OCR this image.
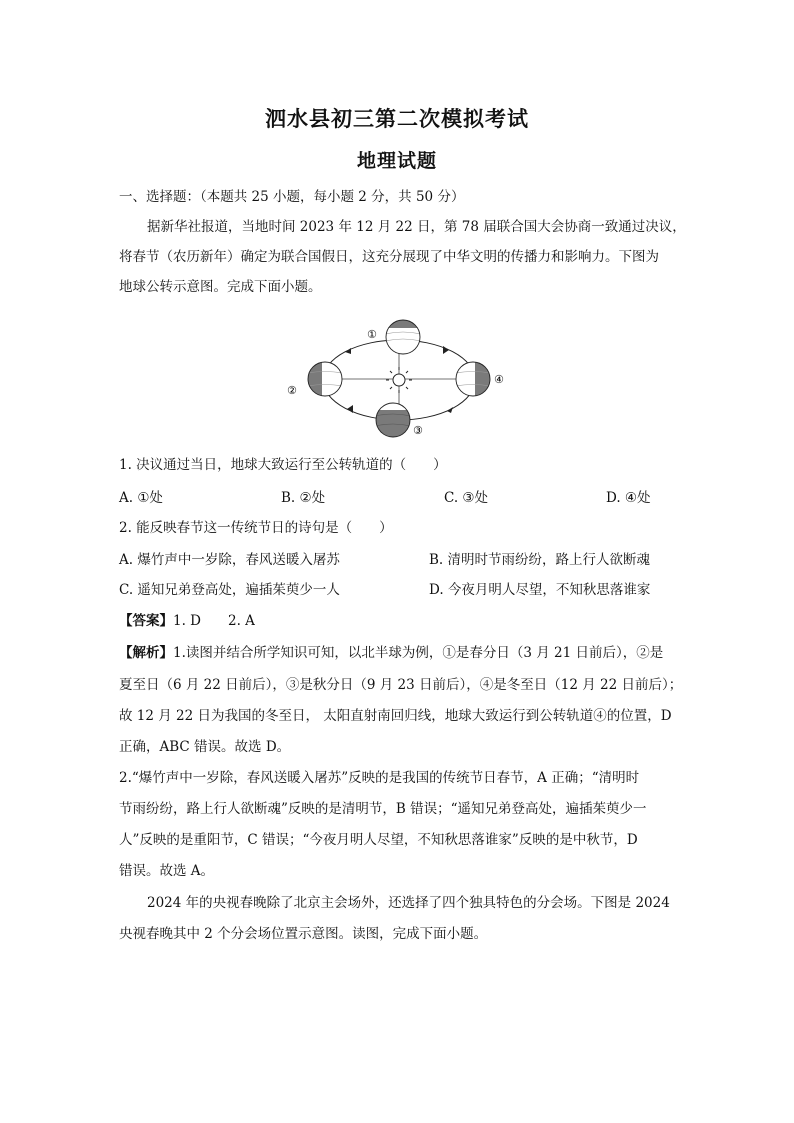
泗水县初三第二次模拟考试
地理试题
一、选择题：（本题共 25 小题，每小题 2 分，共 50 分）
据新华社报道，当地时间 2023 年 12 月 22 日，第 78 届联合国大会协商一致通过决议，
将春节（农历新年）确定为联合国假日，这充分展现了中华文明的传播力和影响力。下图为
地球公转示意图。完成下面小题。
①
②
③
④
1. 决议通过当日，地球大致运行至公转轨道的（　　）
A. ①处	B. ②处	C. ③处	D. ④处
2. 能反映春节这一传统节日的诗句是（　　）
A. 爆竹声中一岁除，春风送暖入屠苏	B. 清明时节雨纷纷，路上行人欲断魂
C. 遥知兄弟登高处，遍插茱萸少一人	D. 今夜月明人尽望，不知秋思落谁家
【答案】1. D　　2. A
【解析】1.读图并结合所学知识可知，以北半球为例，①是春分日（3 月 21 日前后），②是
夏至日（6 月 22 日前后），③是秋分日（9 月 23 日前后），④是冬至日（12 月 22 日前后）；
故 12 月 22 日为我国的冬至日， 太阳直射南回归线，地球大致运行到公转轨道④的位置，D
正确，ABC 错误。故选 D。
2.“爆竹声中一岁除，春风送暖入屠苏”反映的是我国的传统节日春节，A 正确；“清明时
节雨纷纷，路上行人欲断魂”反映的是清明节，B 错误；“遥知兄弟登高处，遍插茱萸少一
人”反映的是重阳节，C 错误；“今夜月明人尽望，不知秋思落谁家”反映的是中秋节，D
错误。故选 A。
2024 年的央视春晚除了北京主会场外，还选择了四个独具特色的分会场。下图是 2024
央视春晚其中 2 个分会场位置示意图。读图，完成下面小题。
